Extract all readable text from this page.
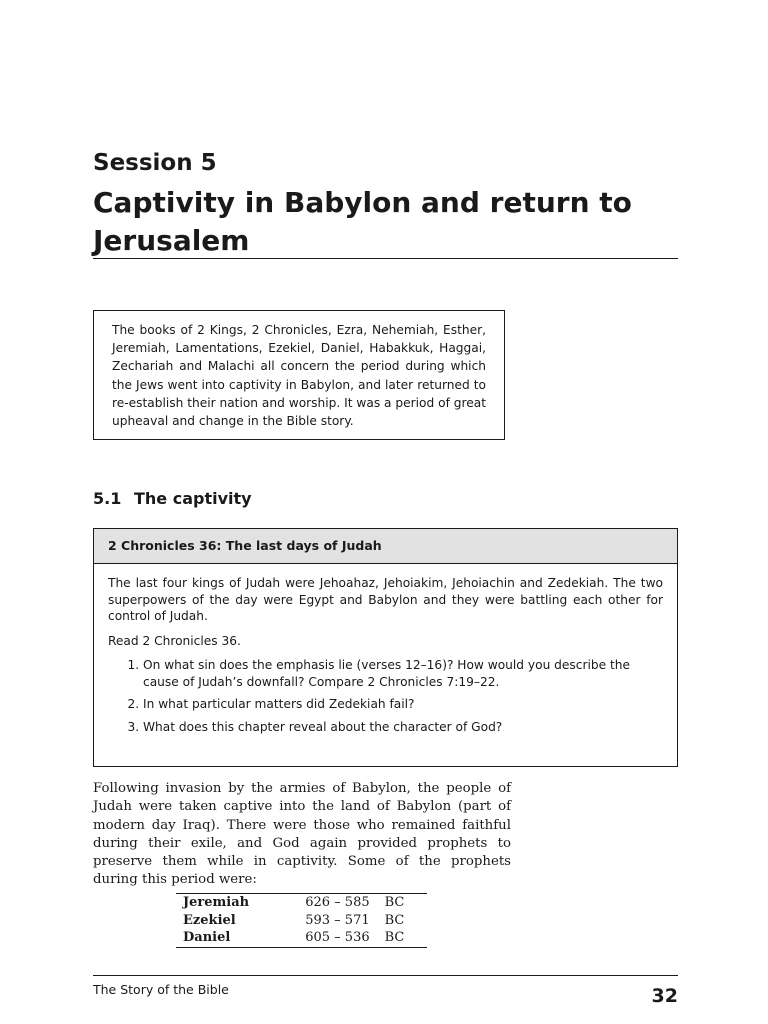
Session 5
Captivity in Babylon and return to Jerusalem
The books of 2 Kings, 2 Chronicles, Ezra, Nehemiah, Esther, Jeremiah, Lamentations, Ezekiel, Daniel, Habakkuk, Haggai, Zechariah and Malachi all concern the period during which the Jews went into captivity in Babylon, and later returned to re-establish their nation and worship. It was a period of great upheaval and change in the Bible story.
5.1 The captivity
2 Chronicles 36: The last days of Judah

The last four kings of Judah were Jehoahaz, Jehoiakim, Jehoiachin and Zedekiah. The two superpowers of the day were Egypt and Babylon and they were battling each other for control of Judah.

Read 2 Chronicles 36.

1. On what sin does the emphasis lie (verses 12–16)? How would you describe the cause of Judah’s downfall? Compare 2 Chronicles 7:19–22.
2. In what particular matters did Zedekiah fail?
3. What does this chapter reveal about the character of God?
Following invasion by the armies of Babylon, the people of Judah were taken captive into the land of Babylon (part of modern day Iraq). There were those who remained faithful during their exile, and God again provided prophets to preserve them while in captivity. Some of the prophets during this period were:
Jeremiah	626 – 585	BC
Ezekiel	593 – 571	BC
Daniel	605 – 536	BC
The Story of the Bible	32
